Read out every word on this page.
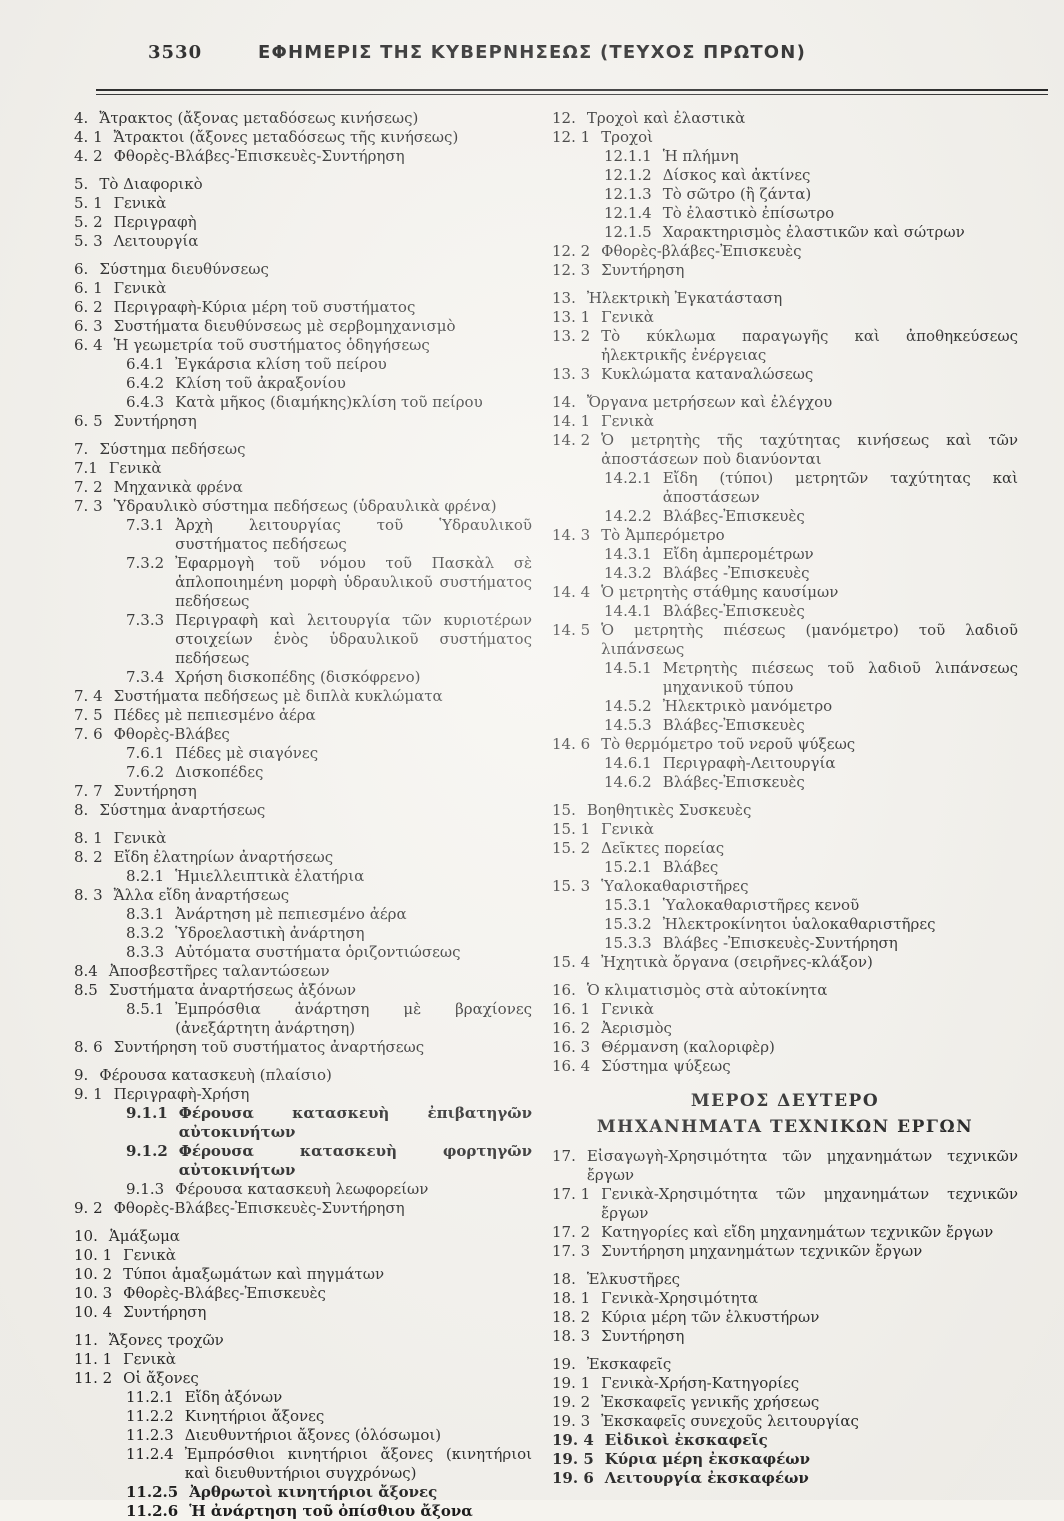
3530	ΕΦΗΜΕΡΙΣ ΤΗΣ ΚΥΒΕΡΝΗΣΕΩΣ (ΤΕΥΧΟΣ ΠΡΩΤΟΝ)
4. Ἄτρακτος (ἄξονας μεταδόσεως κινήσεως)
4. 1 Ἄτρακτοι (ἄξονες μεταδόσεως τῆς κινήσεως)
4. 2 Φθορὲς-Βλάβες-Ἐπισκευὲς-Συντήρηση
5. Τὸ Διαφορικὸ
5. 1 Γενικὰ
5. 2 Περιγραφὴ
5. 3 Λειτουργία
6. Σύστημα διευθύνσεως
6. 1 Γενικὰ
6. 2 Περιγραφὴ-Κύρια μέρη τοῦ συστήματος
6. 3 Συστήματα διευθύνσεως μὲ σερβομηχανισμὸ
6. 4 Ἡ γεωμετρία τοῦ συστήματος ὁδηγήσεως
6.4.1 Ἐγκάρσια κλίση τοῦ πείρου
6.4.2 Κλίση τοῦ ἀκραξονίου
6.4.3 Κατὰ μῆκος (διαμήκης)κλίση τοῦ πείρου
6. 5 Συντήρηση
7. Σύστημα πεδήσεως
7.1 Γενικὰ
7. 2 Μηχανικὰ φρένα
7. 3 Ὑδραυλικὸ σύστημα πεδήσεως (ὑδραυλικὰ φρένα)
7.3.1 Ἀρχὴ λειτουργίας τοῦ Ὑδραυλικοῦ συστήματος πεδήσεως
7.3.2 Ἐφαρμογὴ τοῦ νόμου τοῦ Πασκὰλ σὲ ἁπλοποιημένη μορφὴ ὑδραυλικοῦ συστήματος πεδήσεως
7.3.3 Περιγραφὴ καὶ λειτουργία τῶν κυριοτέρων στοιχείων ἑνὸς ὑδραυλικοῦ συστήματος πεδήσεως
7.3.4 Χρήση δισκοπέδης (δισκόφρενο)
7. 4 Συστήματα πεδήσεως μὲ διπλὰ κυκλώματα
7. 5 Πέδες μὲ πεπιεσμένο ἀέρα
7. 6 Φθορὲς-Βλάβες
7.6.1 Πέδες μὲ σιαγόνες
7.6.2 Δισκοπέδες
7. 7 Συντήρηση
8. Σύστημα ἀναρτήσεως
8. 1 Γενικὰ
8. 2 Εἴδη ἐλατηρίων ἀναρτήσεως
8.2.1 Ἡμιελλειπτικὰ ἐλατήρια
8. 3 Ἄλλα εἴδη ἀναρτήσεως
8.3.1 Ἀνάρτηση μὲ πεπιεσμένο ἀέρα
8.3.2 Ὑδροελαστικὴ ἀνάρτηση
8.3.3 Αὐτόματα συστήματα ὁριζοντιώσεως
8.4 Ἀποσβεστῆρες ταλαντώσεων
8.5 Συστήματα ἀναρτήσεως ἀξόνων
8.5.1 Ἐμπρόσθια ἀνάρτηση μὲ βραχίονες (ἀνεξάρτητη ἀνάρτηση)
8. 6 Συντήρηση τοῦ συστήματος ἀναρτήσεως
9. Φέρουσα κατασκευὴ (πλαίσιο)
9. 1 Περιγραφὴ-Χρήση
9.1.1 Φέρουσα κατασκευὴ ἐπιβατηγῶν αὐτοκινήτων
9.1.2 Φέρουσα κατασκευὴ φορτηγῶν αὐτοκινήτων
9.1.3 Φέρουσα κατασκευὴ λεωφορείων
9. 2 Φθορὲς-Βλάβες-Ἐπισκευὲς-Συντήρηση
10. Ἁμάξωμα
10. 1 Γενικὰ
10. 2 Τύποι ἁμαξωμάτων καὶ πηγμάτων
10. 3 Φθορὲς-Βλάβες-Ἐπισκευὲς
10. 4 Συντήρηση
11. Ἄξονες τροχῶν
11. 1 Γενικὰ
11. 2 Οἱ ἄξονες
11.2.1 Εἴδη ἀξόνων
11.2.2 Κινητήριοι ἄξονες
11.2.3 Διευθυντήριοι ἄξονες (ὁλόσωμοι)
11.2.4 Ἐμπρόσθιοι κινητήριοι ἄξονες (κινητήριοι καὶ διευθυντήριοι συγχρόνως)
11.2.5 Ἀρθρωτοὶ κινητήριοι ἄξονες
11.2.6 Ἡ ἀνάρτηση τοῦ ὀπίσθιου ἄξονα
12. Τροχοὶ καὶ ἐλαστικὰ
12. 1 Τροχοὶ
12.1.1 Ἡ πλήμνη
12.1.2 Δίσκος καὶ ἀκτίνες
12.1.3 Τὸ σῶτρο (ἢ ζάντα)
12.1.4 Τὸ ἐλαστικὸ ἐπίσωτρο
12.1.5 Χαρακτηρισμὸς ἐλαστικῶν καὶ σώτρων
12. 2 Φθορὲς-βλάβες-Ἐπισκευὲς
12. 3 Συντήρηση
13. Ἠλεκτρικὴ Ἐγκατάσταση
13. 1 Γενικὰ
13. 2 Τὸ κύκλωμα παραγωγῆς καὶ ἀποθηκεύσεως ἠλεκτρικῆς ἐνέργειας
13. 3 Κυκλώματα καταναλώσεως
14. Ὄργανα μετρήσεων καὶ ἐλέγχου
14. 1 Γενικὰ
14. 2 Ὁ μετρητὴς τῆς ταχύτητας κινήσεως καὶ τῶν ἀποστάσεων ποὺ διανύονται
14.2.1 Εἴδη (τύποι) μετρητῶν ταχύτητας καὶ ἀποστάσεων
14.2.2 Βλάβες-Ἐπισκευὲς
14. 3 Τὸ Ἀμπερόμετρο
14.3.1 Εἴδη ἀμπερομέτρων
14.3.2 Βλάβες -Ἐπισκευὲς
14. 4 Ὁ μετρητὴς στάθμης καυσίμων
14.4.1 Βλάβες-Ἐπισκευὲς
14. 5 Ὁ μετρητὴς πιέσεως (μανόμετρο) τοῦ λαδιοῦ λιπάνσεως
14.5.1 Μετρητὴς πιέσεως τοῦ λαδιοῦ λιπάνσεως μηχανικοῦ τύπου
14.5.2 Ἠλεκτρικὸ μανόμετρο
14.5.3 Βλάβες-Ἐπισκευὲς
14. 6 Τὸ θερμόμετρο τοῦ νεροῦ ψύξεως
14.6.1 Περιγραφὴ-Λειτουργία
14.6.2 Βλάβες-Ἐπισκευὲς
15. Βοηθητικὲς Συσκευὲς
15. 1 Γενικὰ
15. 2 Δεῖκτες πορείας
15.2.1 Βλάβες
15. 3 Ὑαλοκαθαριστῆρες
15.3.1 Ὑαλοκαθαριστῆρες κενοῦ
15.3.2 Ἠλεκτροκίνητοι ὑαλοκαθαριστῆρες
15.3.3 Βλάβες -Ἐπισκευὲς-Συντήρηση
15. 4 Ἠχητικὰ ὄργανα (σειρῆνες-κλάξον)
16. Ὁ κλιματισμὸς στὰ αὐτοκίνητα
16. 1 Γενικὰ
16. 2 Ἀερισμὸς
16. 3 Θέρμανση (καλοριφὲρ)
16. 4 Σύστημα ψύξεως
ΜΕΡΟΣ ΔΕΥΤΕΡΟ
ΜΗΧΑΝΗΜΑΤΑ ΤΕΧΝΙΚΩΝ ΕΡΓΩΝ
17. Εἰσαγωγὴ-Χρησιμότητα τῶν μηχανημάτων τεχνικῶν ἔργων
17. 1 Γενικὰ-Χρησιμότητα τῶν μηχανημάτων τεχνικῶν ἔργων
17. 2 Κατηγορίες καὶ εἴδη μηχανημάτων τεχνικῶν ἔργων
17. 3 Συντήρηση μηχανημάτων τεχνικῶν ἔργων
18. Ἑλκυστῆρες
18. 1 Γενικὰ-Χρησιμότητα
18. 2 Κύρια μέρη τῶν ἑλκυστήρων
18. 3 Συντήρηση
19. Ἐκσκαφεῖς
19. 1 Γενικὰ-Χρήση-Κατηγορίες
19. 2 Ἐκσκαφεῖς γενικῆς χρήσεως
19. 3 Ἐκσκαφεῖς συνεχοῦς λειτουργίας
19. 4 Εἰδικοὶ ἐκσκαφεῖς
19. 5 Κύρια μέρη ἐκσκαφέων
19. 6 Λειτουργία ἐκσκαφέων
